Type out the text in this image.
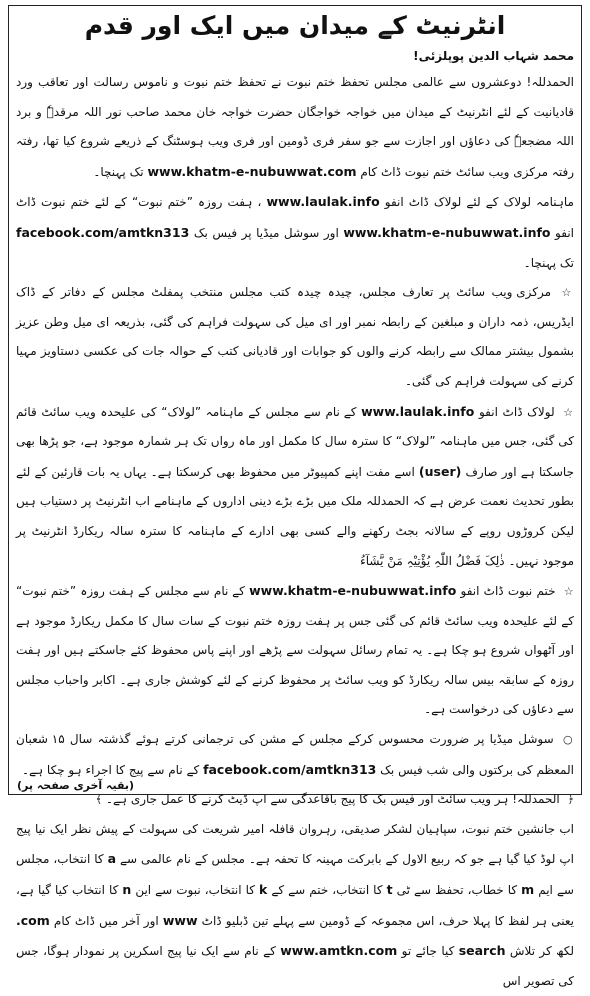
انٹرنیٹ کے میدان میں ایک اور قدم

محمد شہاب الدین پوپلزئی!

الحمدللہ! دوعشروں سے عالمی مجلس تحفظ ختم نبوت نے تحفظ ختم نبوت و ناموس رسالت اور تعاقب ورد قادیانیت کے لئے انٹرنیٹ کے میدان میں خواجہ خواجگان حضرت خواجہ خان محمد صاحب نور اللہ مرقدہٗ و برد اللہ مضجعہٗ کی دعاؤں اور اجازت سے جو سفر فری ڈومین اور فری ویب ہوسٹنگ کے ذریعے شروع کیا تھا، رفتہ رفتہ مرکزی ویب سائٹ ختم نبوت ڈاٹ کام www.khatm-e-nubuwwat.com تک پہنچا۔

ماہنامہ لولاک کے لئے لولاک ڈاٹ انفو www.laulak.info ، ہفت روزہ ”ختم نبوت“ کے لئے ختم نبوت ڈاٹ انفو www.khatm-e-nubuwwat.info اور سوشل میڈیا پر فیس بک facebook.com/amtkn313 تک پہنچا۔

☆ مرکزی ویب سائٹ پر تعارف مجلس، چیدہ چیدہ کتب مجلس منتخب پمفلٹ مجلس کے دفاتر کے ڈاک ایڈریس، ذمہ داران و مبلغین کے رابطہ نمبر اور ای میل کی سہولت فراہم کی گئی، بذریعہ ای میل وطن عزیز بشمول بیشتر ممالک سے رابطہ کرنے والوں کو جوابات اور قادیانی کتب کے حوالہ جات کی عکسی دستاویز مہیا کرنے کی سہولت فراہم کی گئی۔

☆ لولاک ڈاٹ انفو www.laulak.info کے نام سے مجلس کے ماہنامہ ”لولاک“ کی علیحدہ ویب سائٹ قائم کی گئی، جس میں ماہنامہ ”لولاک“ کا سترہ سال کا مکمل اور ماہ رواں تک ہر شمارہ موجود ہے، جو پڑھا بھی جاسکتا ہے اور صارف (user) اسے مفت اپنے کمپیوٹر میں محفوظ بھی کرسکتا ہے۔ یہاں یہ بات قارئین کے لئے بطور تحدیث نعمت عرض ہے کہ الحمدللہ ملک میں بڑے بڑے دینی اداروں کے ماہنامے اب انٹرنیٹ پر دستیاب ہیں لیکن کروڑوں روپے کے سالانہ بجٹ رکھنے والے کسی بھی ادارے کے ماہنامہ کا سترہ سالہ ریکارڈ انٹرنیٹ پر موجود نہیں۔ ذٰلِکَ فَضْلُ اللّٰہِ یُؤْتِیْہِ مَنْ یَّشَآءُ

☆ ختم نبوت ڈاٹ انفو www.khatm-e-nubuwwat.info کے نام سے مجلس کے ہفت روزہ ”ختم نبوت“ کے لئے علیحدہ ویب سائٹ قائم کی گئی جس پر ہفت روزہ ختم نبوت کے سات سال کا مکمل ریکارڈ موجود ہے اور آٹھواں شروع ہو چکا ہے۔ یہ تمام رسائل سہولت سے پڑھے اور اپنے پاس محفوظ کئے جاسکتے ہیں اور ہفت روزہ کے سابقہ بیس سالہ ریکارڈ کو ویب سائٹ پر محفوظ کرنے کے لئے کوشش جاری ہے۔ اکابر واحباب مجلس سے دعاؤں کی درخواست ہے۔

○ سوشل میڈیا پر ضرورت محسوس کرکے مجلس کے مشن کی ترجمانی کرتے ہوئے گذشتہ سال ۱۵ شعبان المعظم کی برکتوں والی شب فیس بک facebook.com/amtkn313 کے نام سے پیج کا اجراء ہو چکا ہے۔

﴿ الحمدللہ! ہر ویب سائٹ اور فیس بک کا پیج باقاعدگی سے اپ ڈیٹ کرنے کا عمل جاری ہے۔ ﴾

اب جانشین ختم نبوت، سپاہیان لشکر صدیقی، رہروان قافلہ امیر شریعت کی سہولت کے پیش نظر ایک نیا پیج اپ لوڈ کیا گیا ہے جو کہ ربیع الاول کے بابرکت مہینہ کا تحفہ ہے۔ مجلس کے نام عالمی سے a کا انتخاب، مجلس سے ایم m کا خطاب، تحفظ سے ٹی t کا انتخاب، ختم سے کے k کا انتخاب، نبوت سے این n کا انتخاب کیا گیا ہے، یعنی ہر لفظ کا پہلا حرف، اس مجموعہ کے ڈومین سے پہلے تین ڈبلیو ڈاٹ www اور آخر میں ڈاٹ کام .com لکھ کر تلاش search کیا جائے تو www.amtkn.com کے نام سے ایک نیا پیج اسکرین پر نمودار ہوگا، جس کی تصویر اس

(بقیہ آخری صفحہ پر)
